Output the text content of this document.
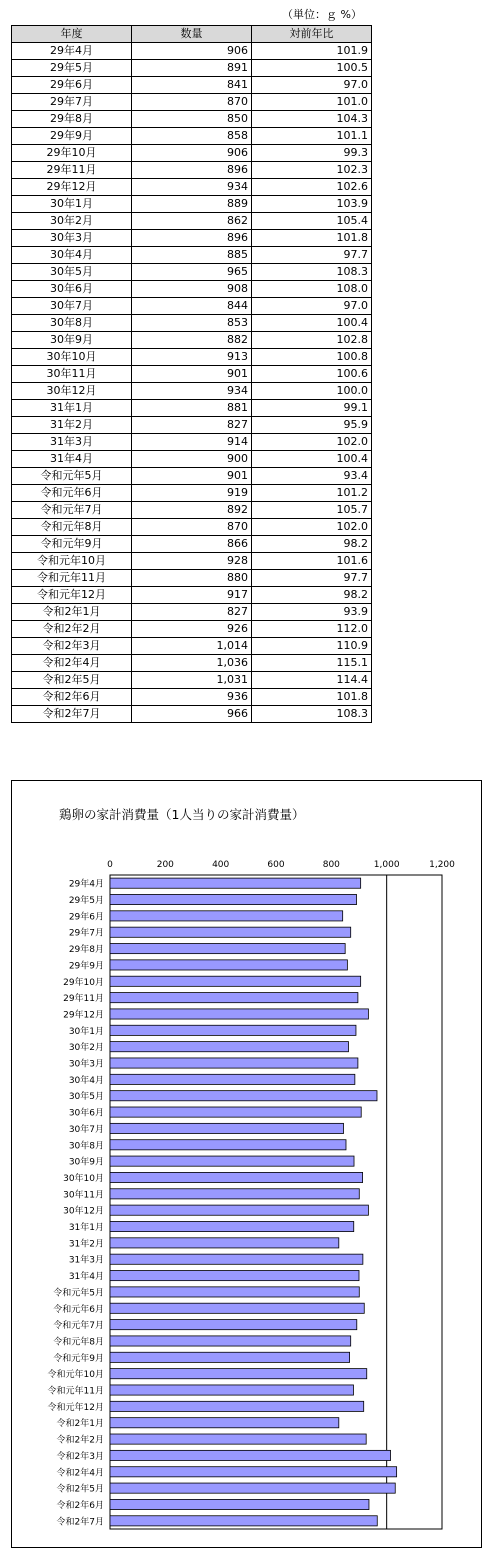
（単位：ｇ %）
年度	数量	対前年比
29年4月	906	101.9
29年5月	891	100.5
29年6月	841	97.0
29年7月	870	101.0
29年8月	850	104.3
29年9月	858	101.1
29年10月	906	99.3
29年11月	896	102.3
29年12月	934	102.6
30年1月	889	103.9
30年2月	862	105.4
30年3月	896	101.8
30年4月	885	97.7
30年5月	965	108.3
30年6月	908	108.0
30年7月	844	97.0
30年8月	853	100.4
30年9月	882	102.8
30年10月	913	100.8
30年11月	901	100.6
30年12月	934	100.0
31年1月	881	99.1
31年2月	827	95.9
31年3月	914	102.0
31年4月	900	100.4
令和元年5月	901	93.4
令和元年6月	919	101.2
令和元年7月	892	105.7
令和元年8月	870	102.0
令和元年9月	866	98.2
令和元年10月	928	101.6
令和元年11月	880	97.7
令和元年12月	917	98.2
令和2年1月	827	93.9
令和2年2月	926	112.0
令和2年3月	1,014	110.9
令和2年4月	1,036	115.1
令和2年5月	1,031	114.4
令和2年6月	936	101.8
令和2年7月	966	108.3
鶏卵の家計消費量（1人当りの家計消費量）
0	200	400	600	800	1,000	1,200
29年4月
29年5月
29年6月
29年7月
29年8月
29年9月
29年10月
29年11月
29年12月
30年1月
30年2月
30年3月
30年4月
30年5月
30年6月
30年7月
30年8月
30年9月
30年10月
30年11月
30年12月
31年1月
31年2月
31年3月
31年4月
令和元年5月
令和元年6月
令和元年7月
令和元年8月
令和元年9月
令和元年10月
令和元年11月
令和元年12月
令和2年1月
令和2年2月
令和2年3月
令和2年4月
令和2年5月
令和2年6月
令和2年7月
